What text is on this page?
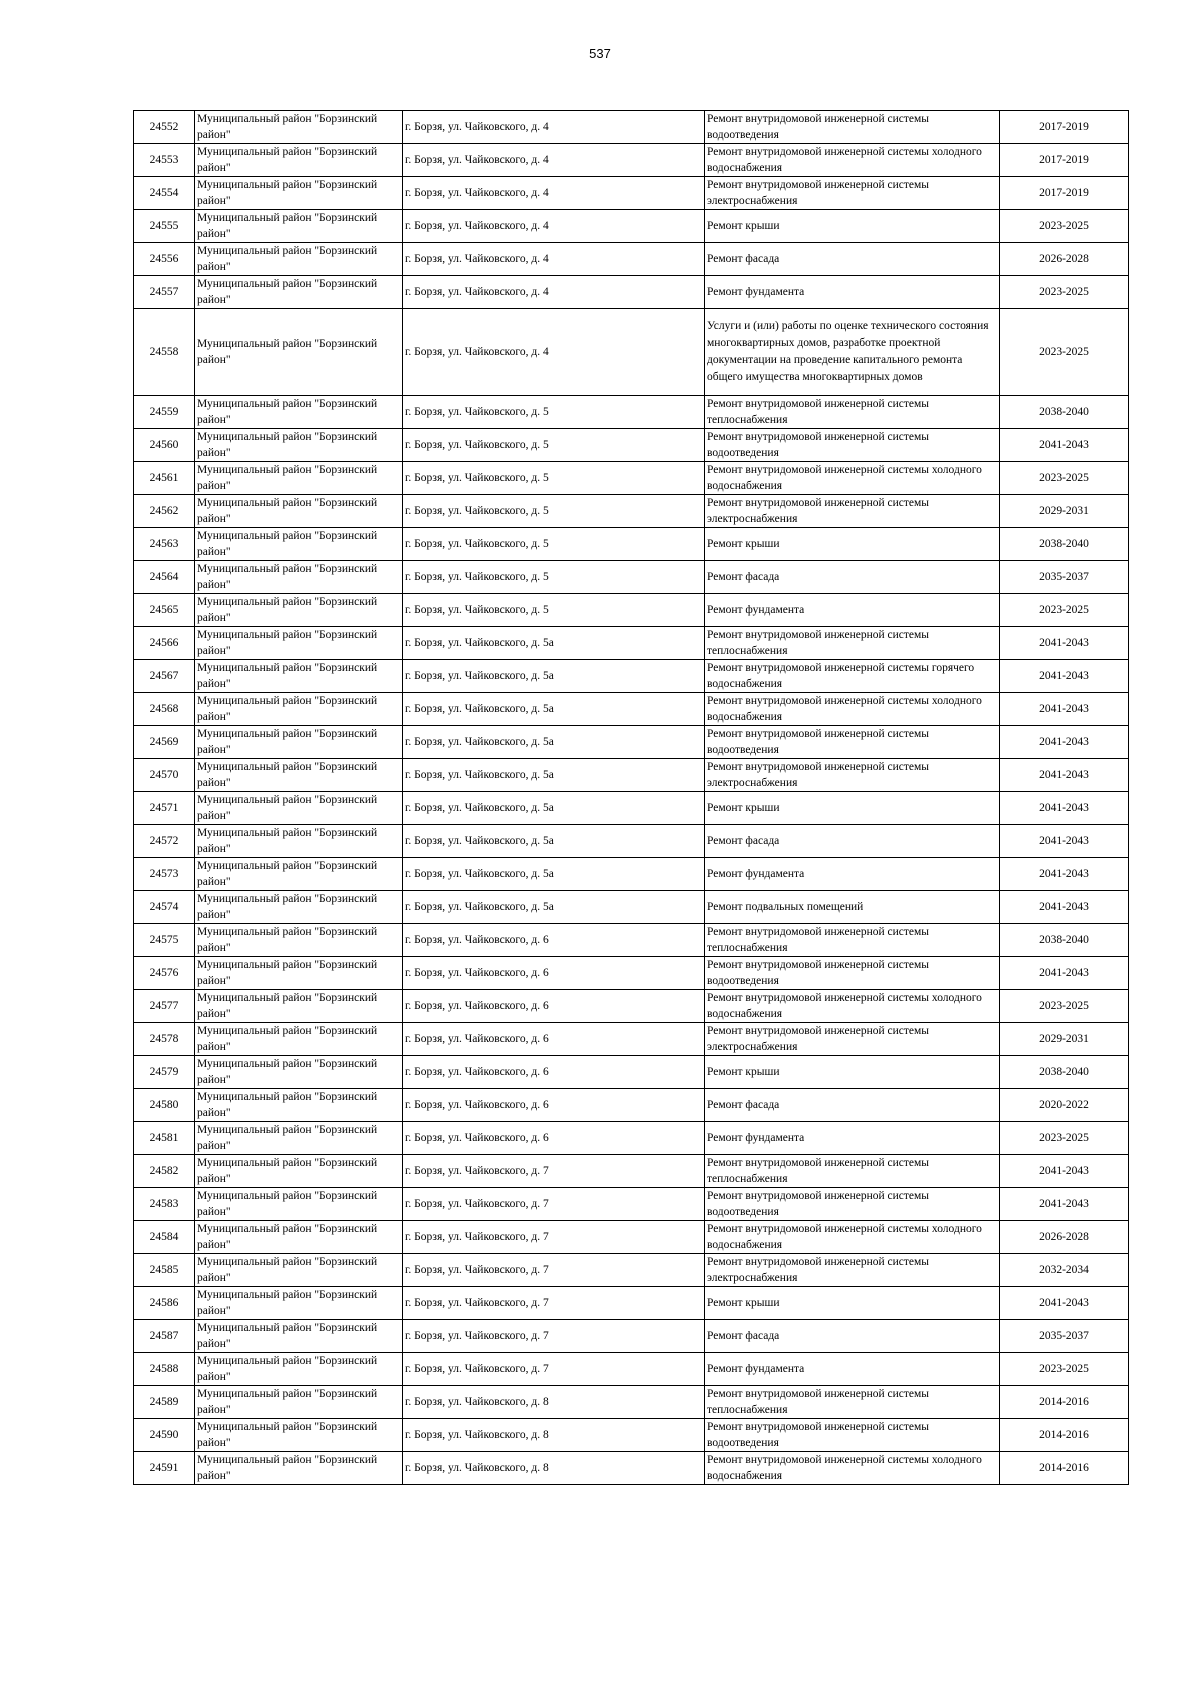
537
24552	Муниципальный район "Борзинский район"	г. Борзя, ул. Чайковского, д. 4	Ремонт внутридомовой инженерной системы водоотведения	2017-2019
24553	Муниципальный район "Борзинский район"	г. Борзя, ул. Чайковского, д. 4	Ремонт внутридомовой инженерной системы холодного водоснабжения	2017-2019
24554	Муниципальный район "Борзинский район"	г. Борзя, ул. Чайковского, д. 4	Ремонт внутридомовой инженерной системы электроснабжения	2017-2019
24555	Муниципальный район "Борзинский район"	г. Борзя, ул. Чайковского, д. 4	Ремонт крыши	2023-2025
24556	Муниципальный район "Борзинский район"	г. Борзя, ул. Чайковского, д. 4	Ремонт фасада	2026-2028
24557	Муниципальный район "Борзинский район"	г. Борзя, ул. Чайковского, д. 4	Ремонт фундамента	2023-2025
24558	Муниципальный район "Борзинский район"	г. Борзя, ул. Чайковского, д. 4	Услуги и (или) работы по оценке технического состояния многоквартирных домов, разработке проектной документации на проведение капитального ремонта общего имущества многоквартирных домов	2023-2025
24559	Муниципальный район "Борзинский район"	г. Борзя, ул. Чайковского, д. 5	Ремонт внутридомовой инженерной системы теплоснабжения	2038-2040
24560	Муниципальный район "Борзинский район"	г. Борзя, ул. Чайковского, д. 5	Ремонт внутридомовой инженерной системы водоотведения	2041-2043
24561	Муниципальный район "Борзинский район"	г. Борзя, ул. Чайковского, д. 5	Ремонт внутридомовой инженерной системы холодного водоснабжения	2023-2025
24562	Муниципальный район "Борзинский район"	г. Борзя, ул. Чайковского, д. 5	Ремонт внутридомовой инженерной системы электроснабжения	2029-2031
24563	Муниципальный район "Борзинский район"	г. Борзя, ул. Чайковского, д. 5	Ремонт крыши	2038-2040
24564	Муниципальный район "Борзинский район"	г. Борзя, ул. Чайковского, д. 5	Ремонт фасада	2035-2037
24565	Муниципальный район "Борзинский район"	г. Борзя, ул. Чайковского, д. 5	Ремонт фундамента	2023-2025
24566	Муниципальный район "Борзинский район"	г. Борзя, ул. Чайковского, д. 5а	Ремонт внутридомовой инженерной системы теплоснабжения	2041-2043
24567	Муниципальный район "Борзинский район"	г. Борзя, ул. Чайковского, д. 5а	Ремонт внутридомовой инженерной системы горячего водоснабжения	2041-2043
24568	Муниципальный район "Борзинский район"	г. Борзя, ул. Чайковского, д. 5а	Ремонт внутридомовой инженерной системы холодного водоснабжения	2041-2043
24569	Муниципальный район "Борзинский район"	г. Борзя, ул. Чайковского, д. 5а	Ремонт внутридомовой инженерной системы водоотведения	2041-2043
24570	Муниципальный район "Борзинский район"	г. Борзя, ул. Чайковского, д. 5а	Ремонт внутридомовой инженерной системы электроснабжения	2041-2043
24571	Муниципальный район "Борзинский район"	г. Борзя, ул. Чайковского, д. 5а	Ремонт крыши	2041-2043
24572	Муниципальный район "Борзинский район"	г. Борзя, ул. Чайковского, д. 5а	Ремонт фасада	2041-2043
24573	Муниципальный район "Борзинский район"	г. Борзя, ул. Чайковского, д. 5а	Ремонт фундамента	2041-2043
24574	Муниципальный район "Борзинский район"	г. Борзя, ул. Чайковского, д. 5а	Ремонт подвальных помещений	2041-2043
24575	Муниципальный район "Борзинский район"	г. Борзя, ул. Чайковского, д. 6	Ремонт внутридомовой инженерной системы теплоснабжения	2038-2040
24576	Муниципальный район "Борзинский район"	г. Борзя, ул. Чайковского, д. 6	Ремонт внутридомовой инженерной системы водоотведения	2041-2043
24577	Муниципальный район "Борзинский район"	г. Борзя, ул. Чайковского, д. 6	Ремонт внутридомовой инженерной системы холодного водоснабжения	2023-2025
24578	Муниципальный район "Борзинский район"	г. Борзя, ул. Чайковского, д. 6	Ремонт внутридомовой инженерной системы электроснабжения	2029-2031
24579	Муниципальный район "Борзинский район"	г. Борзя, ул. Чайковского, д. 6	Ремонт крыши	2038-2040
24580	Муниципальный район "Борзинский район"	г. Борзя, ул. Чайковского, д. 6	Ремонт фасада	2020-2022
24581	Муниципальный район "Борзинский район"	г. Борзя, ул. Чайковского, д. 6	Ремонт фундамента	2023-2025
24582	Муниципальный район "Борзинский район"	г. Борзя, ул. Чайковского, д. 7	Ремонт внутридомовой инженерной системы теплоснабжения	2041-2043
24583	Муниципальный район "Борзинский район"	г. Борзя, ул. Чайковского, д. 7	Ремонт внутридомовой инженерной системы водоотведения	2041-2043
24584	Муниципальный район "Борзинский район"	г. Борзя, ул. Чайковского, д. 7	Ремонт внутридомовой инженерной системы холодного водоснабжения	2026-2028
24585	Муниципальный район "Борзинский район"	г. Борзя, ул. Чайковского, д. 7	Ремонт внутридомовой инженерной системы электроснабжения	2032-2034
24586	Муниципальный район "Борзинский район"	г. Борзя, ул. Чайковского, д. 7	Ремонт крыши	2041-2043
24587	Муниципальный район "Борзинский район"	г. Борзя, ул. Чайковского, д. 7	Ремонт фасада	2035-2037
24588	Муниципальный район "Борзинский район"	г. Борзя, ул. Чайковского, д. 7	Ремонт фундамента	2023-2025
24589	Муниципальный район "Борзинский район"	г. Борзя, ул. Чайковского, д. 8	Ремонт внутридомовой инженерной системы теплоснабжения	2014-2016
24590	Муниципальный район "Борзинский район"	г. Борзя, ул. Чайковского, д. 8	Ремонт внутридомовой инженерной системы водоотведения	2014-2016
24591	Муниципальный район "Борзинский район"	г. Борзя, ул. Чайковского, д. 8	Ремонт внутридомовой инженерной системы холодного водоснабжения	2014-2016
